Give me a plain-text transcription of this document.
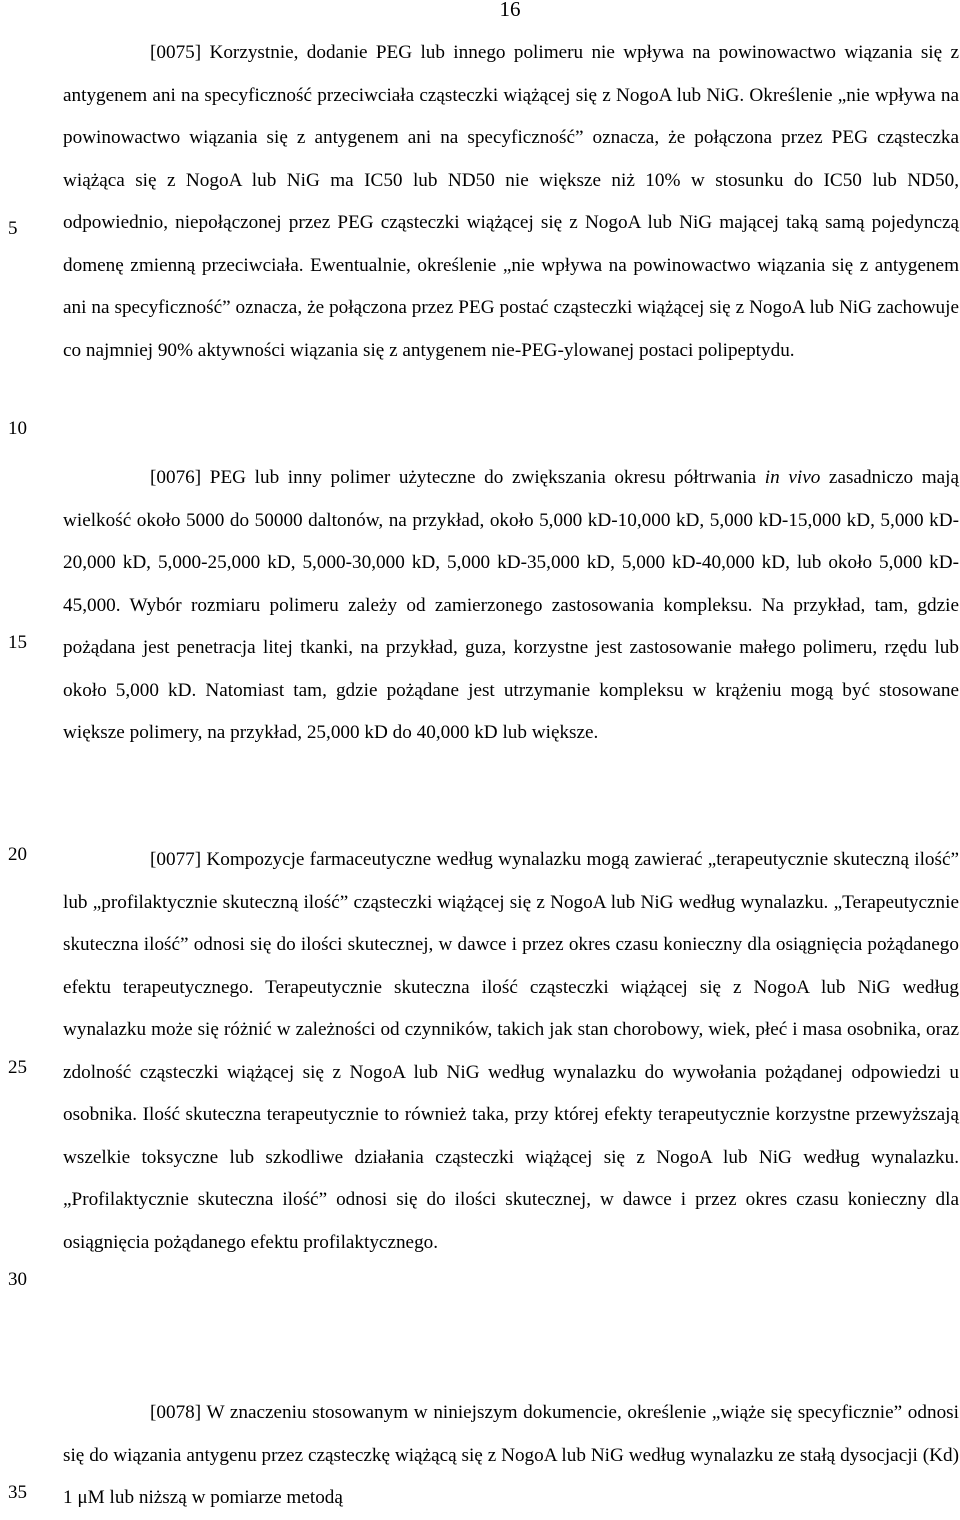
16
5
10
15
20
25
30
35

[0075] Korzystnie, dodanie PEG lub innego polimeru nie wpływa na powinowactwo wiązania się z antygenem ani na specyficzność przeciwciała cząsteczki wiążącej się z NogoA lub NiG. Określenie „nie wpływa na powinowactwo wiązania się z antygenem ani na specyficzność” oznacza, że połączona przez PEG cząsteczka wiążąca się z NogoA lub NiG ma IC50 lub ND50 nie większe niż 10% w stosunku do IC50 lub ND50, odpowiednio, niepołączonej przez PEG cząsteczki wiążącej się z NogoA lub NiG mającej taką samą pojedynczą domenę zmienną przeciwciała. Ewentualnie, określenie „nie wpływa na powinowactwo wiązania się z antygenem ani na specyficzność” oznacza, że połączona przez PEG postać cząsteczki wiążącej się z NogoA lub NiG zachowuje co najmniej 90% aktywności wiązania się z antygenem nie-PEG-ylowanej postaci polipeptydu.

[0076] PEG lub inny polimer użyteczne do zwiększania okresu półtrwania in vivo zasadniczo mają wielkość około 5000 do 50000 daltonów, na przykład, około 5,000 kD-10,000 kD, 5,000 kD-15,000 kD, 5,000 kD-20,000 kD, 5,000-25,000 kD, 5,000-30,000 kD, 5,000 kD-35,000 kD, 5,000 kD-40,000 kD, lub około 5,000 kD-45,000. Wybór rozmiaru polimeru zależy od zamierzonego zastosowania kompleksu. Na przykład, tam, gdzie pożądana jest penetracja litej tkanki, na przykład, guza, korzystne jest zastosowanie małego polimeru, rzędu lub około 5,000 kD. Natomiast tam, gdzie pożądane jest utrzymanie kompleksu w krążeniu mogą być stosowane większe polimery, na przykład, 25,000 kD do 40,000 kD lub większe.

[0077] Kompozycje farmaceutyczne według wynalazku mogą zawierać „terapeutycznie skuteczną ilość” lub „profilaktycznie skuteczną ilość” cząsteczki wiążącej się z NogoA lub NiG według wynalazku. „Terapeutycznie skuteczna ilość” odnosi się do ilości skutecznej, w dawce i przez okres czasu konieczny dla osiągnięcia pożądanego efektu terapeutycznego. Terapeutycznie skuteczna ilość cząsteczki wiążącej się z NogoA lub NiG według wynalazku może się różnić w zależności od czynników, takich jak stan chorobowy, wiek, płeć i masa osobnika, oraz zdolność cząsteczki wiążącej się z NogoA lub NiG według wynalazku do wywołania pożądanej odpowiedzi u osobnika. Ilość skuteczna terapeutycznie to również taka, przy której efekty terapeutycznie korzystne przewyższają wszelkie toksyczne lub szkodliwe działania cząsteczki wiążącej się z NogoA lub NiG według wynalazku. „Profilaktycznie skuteczna ilość” odnosi się do ilości skutecznej, w dawce i przez okres czasu konieczny dla osiągnięcia pożądanego efektu profilaktycznego.

[0078] W znaczeniu stosowanym w niniejszym dokumencie, określenie „wiąże się specyficznie” odnosi się do wiązania antygenu przez cząsteczkę wiążącą się z NogoA lub NiG według wynalazku ze stałą dysocjacji (Kd) 1 μM lub niższą w pomiarze metodą
